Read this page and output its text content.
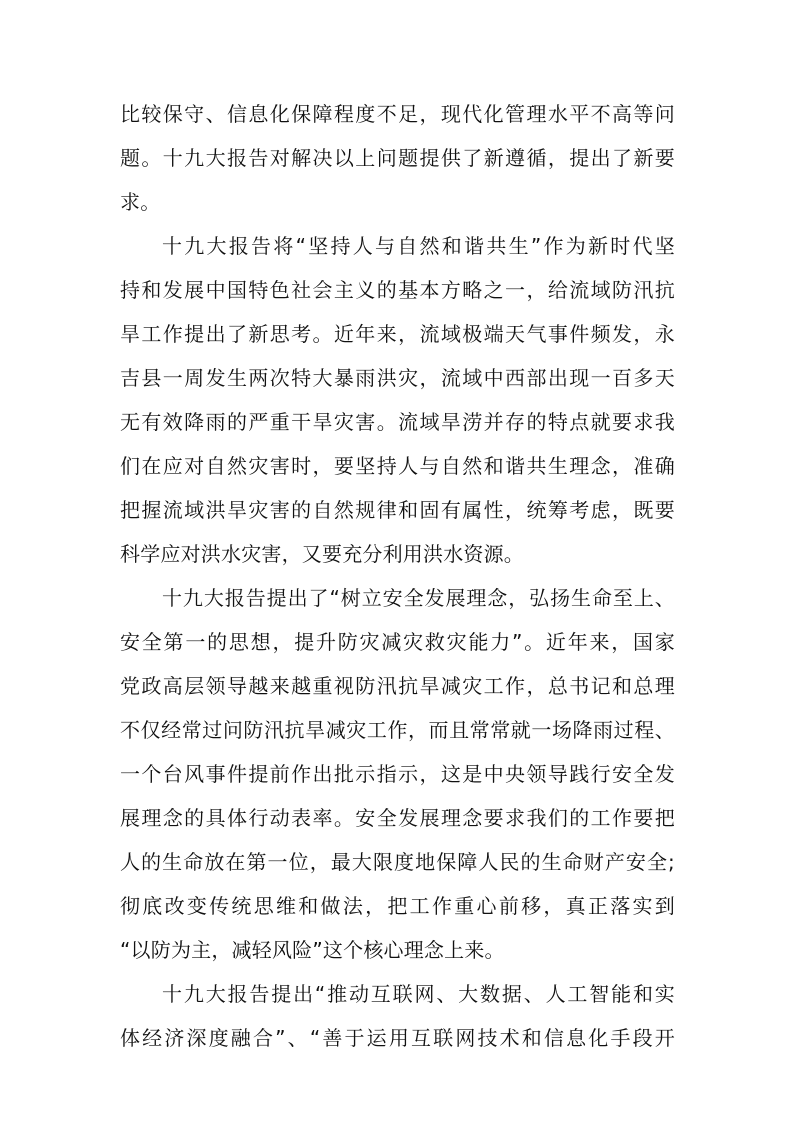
比较保守、信息化保障程度不足，现代化管理水平不高等问
题。十九大报告对解决以上问题提供了新遵循，提出了新要
求。
十九大报告将“坚持人与自然和谐共生”作为新时代坚
持和发展中国特色社会主义的基本方略之一，给流域防汛抗
旱工作提出了新思考。近年来，流域极端天气事件频发，永
吉县一周发生两次特大暴雨洪灾，流域中西部出现一百多天
无有效降雨的严重干旱灾害。流域旱涝并存的特点就要求我
们在应对自然灾害时，要坚持人与自然和谐共生理念，准确
把握流域洪旱灾害的自然规律和固有属性，统筹考虑，既要
科学应对洪水灾害，又要充分利用洪水资源。
十九大报告提出了“树立安全发展理念，弘扬生命至上、
安全第一的思想，提升防灾减灾救灾能力”。近年来，国家
党政高层领导越来越重视防汛抗旱减灾工作，总书记和总理
不仅经常过问防汛抗旱减灾工作，而且常常就一场降雨过程、
一个台风事件提前作出批示指示，这是中央领导践行安全发
展理念的具体行动表率。安全发展理念要求我们的工作要把
人的生命放在第一位，最大限度地保障人民的生命财产安全;
彻底改变传统思维和做法，把工作重心前移，真正落实到
“以防为主，减轻风险”这个核心理念上来。
十九大报告提出“推动互联网、大数据、人工智能和实
体经济深度融合”、“善于运用互联网技术和信息化手段开
